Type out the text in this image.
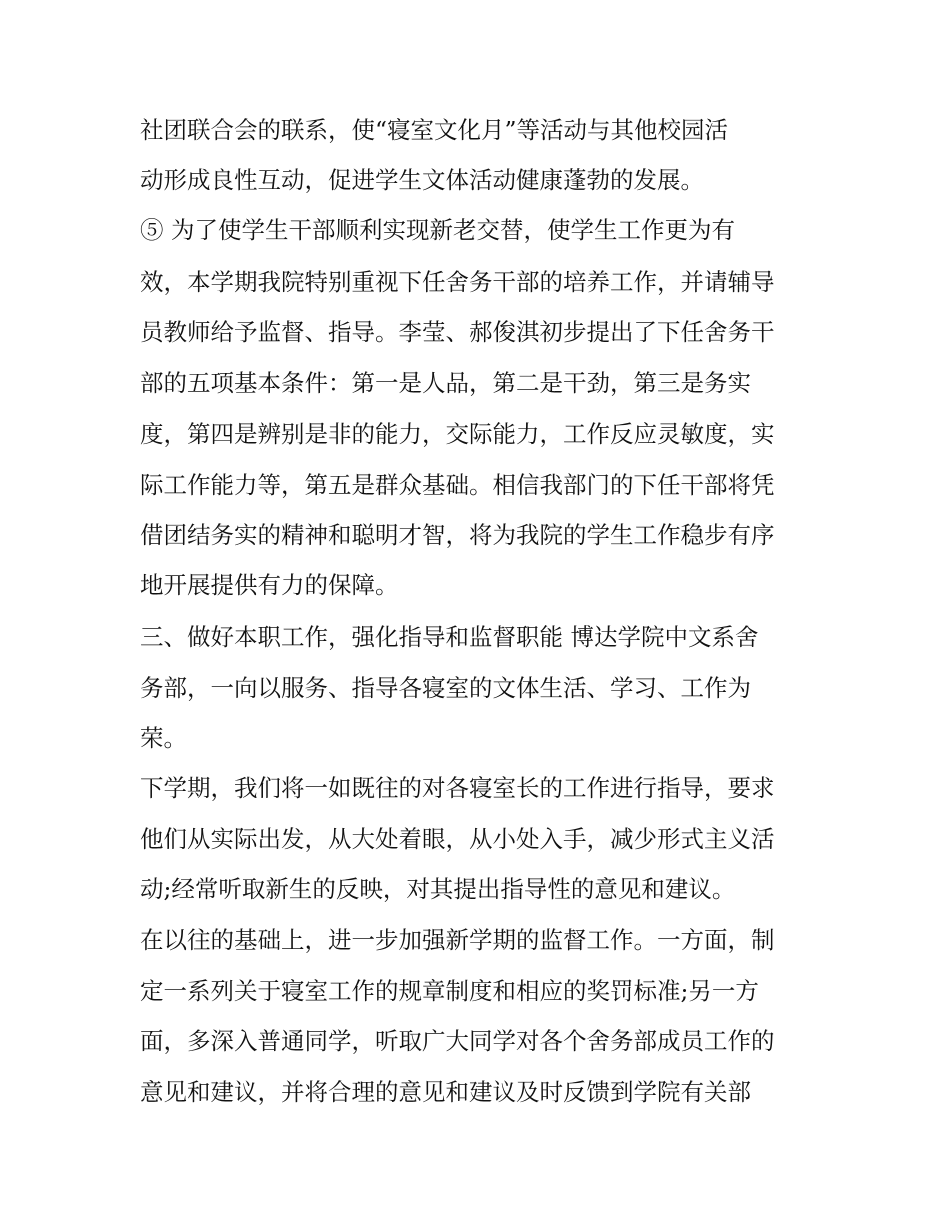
社团联合会的联系，使“寝室文化月”等活动与其他校园活
动形成良性互动，促进学生文体活动健康蓬勃的发展。
⑤ 为了使学生干部顺利实现新老交替，使学生工作更为有
效，本学期我院特别重视下任舍务干部的培养工作，并请辅导
员教师给予监督、指导。李莹、郝俊淇初步提出了下任舍务干
部的五项基本条件：第一是人品，第二是干劲，第三是务实
度，第四是辨别是非的能力，交际能力，工作反应灵敏度，实
际工作能力等，第五是群众基础。相信我部门的下任干部将凭
借团结务实的精神和聪明才智，将为我院的学生工作稳步有序
地开展提供有力的保障。
三、做好本职工作，强化指导和监督职能 博达学院中文系舍
务部，一向以服务、指导各寝室的文体生活、学习、工作为
荣。
下学期，我们将一如既往的对各寝室长的工作进行指导，要求
他们从实际出发，从大处着眼，从小处入手，减少形式主义活
动;经常听取新生的反映，对其提出指导性的意见和建议。
在以往的基础上，进一步加强新学期的监督工作。一方面，制
定一系列关于寝室工作的规章制度和相应的奖罚标准;另一方
面，多深入普通同学，听取广大同学对各个舍务部成员工作的
意见和建议，并将合理的意见和建议及时反馈到学院有关部
